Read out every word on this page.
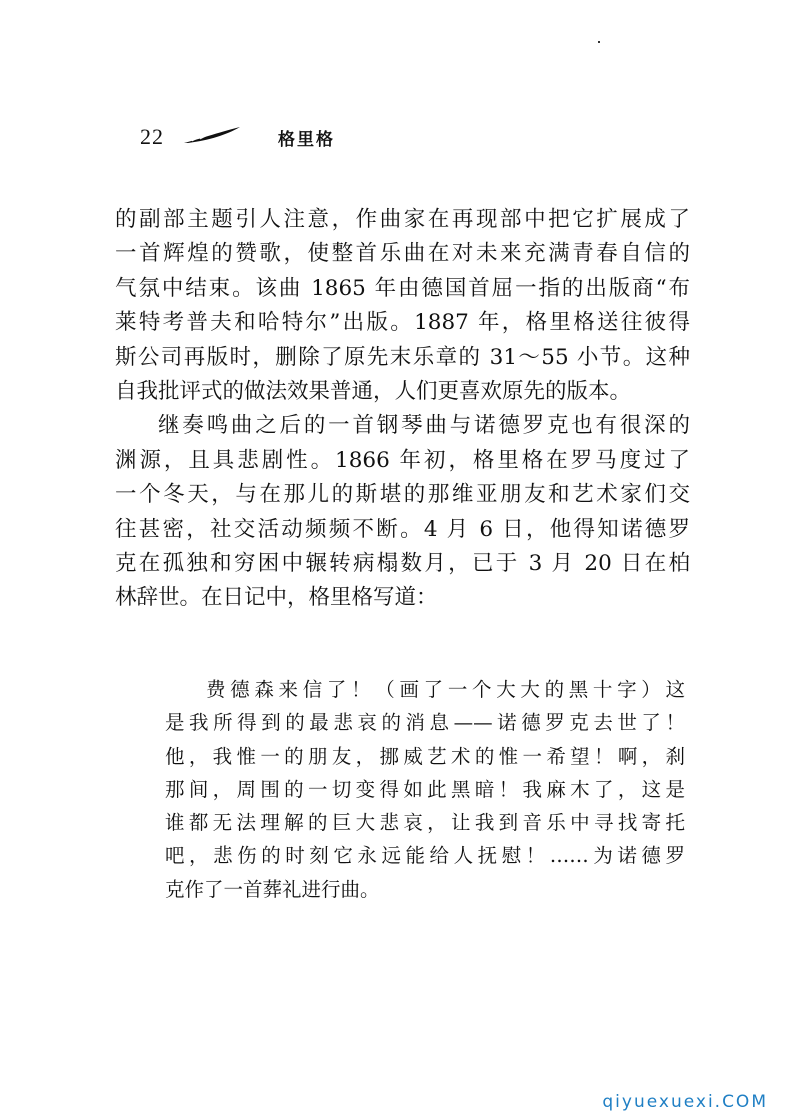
22	格里格

的副部主题引人注意，作曲家在再现部中把它扩展成了
一首辉煌的赞歌，使整首乐曲在对未来充满青春自信的
气氛中结束。该曲 1865 年由德国首屈一指的出版商“布
莱特考普夫和哈特尔”出版。1887 年，格里格送往彼得
斯公司再版时，删除了原先末乐章的 31～55 小节。这种
自我批评式的做法效果普通，人们更喜欢原先的版本。

继奏鸣曲之后的一首钢琴曲与诺德罗克也有很深的

渊源，且具悲剧性。1866 年初，格里格在罗马度过了
一个冬天，与在那儿的斯堪的那维亚朋友和艺术家们交
往甚密，社交活动频频不断。4 月 6 日，他得知诺德罗
克在孤独和穷困中辗转病榻数月，已于 3 月 20 日在柏
林辞世。在日记中，格里格写道：

费德森来信了！（画了一个大大的黑十字）这

是我所得到的最悲哀的消息——诺德罗克去世了！

他，我惟一的朋友，挪威艺术的惟一希望！啊，刹

那间，周围的一切变得如此黑暗！我麻木了，这是

谁都无法理解的巨大悲哀，让我到音乐中寻找寄托

吧，悲伤的时刻它永远能给人抚慰！……为诺德罗

克作了一首葬礼进行曲。

qiyuexuexi.COM
